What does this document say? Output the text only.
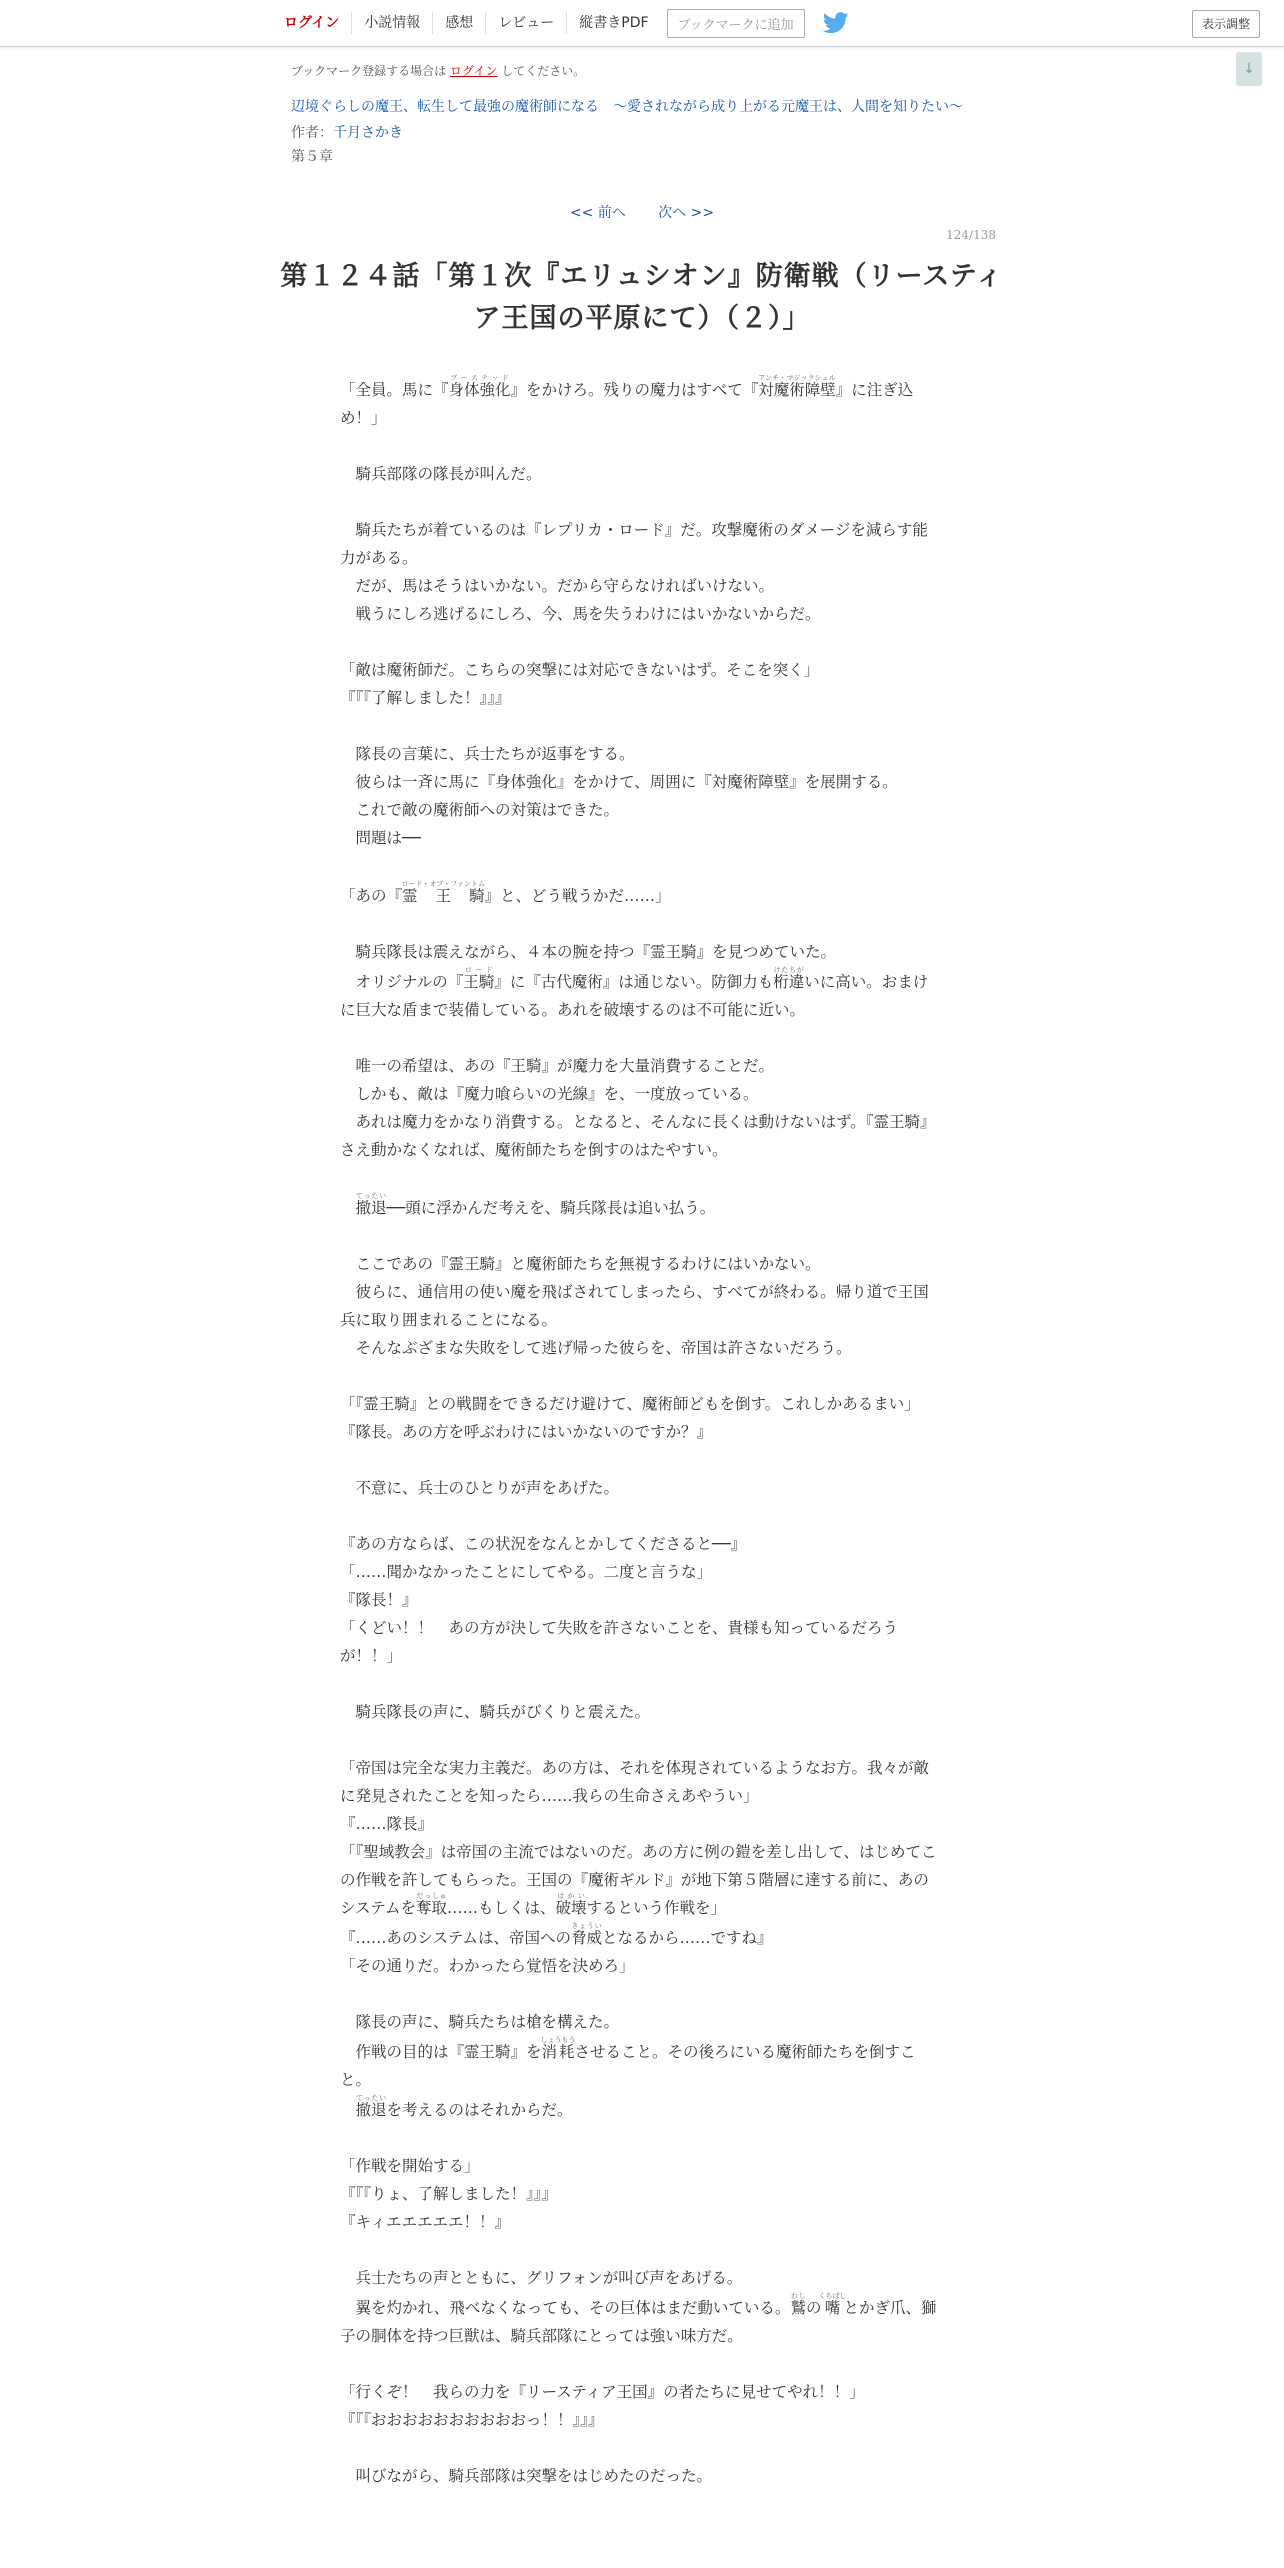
ログイン	小説情報	感想	レビュー	縦書きPDF	ブックマークに追加	表示調整
↓
ブックマーク登録する場合は ログイン してください。
辺境ぐらしの魔王、転生して最強の魔術師になる　〜愛されながら成り上がる元魔王は、人間を知りたい〜
作者：千月さかき
第５章
<< 前へ 次へ >>
124/138
第１２４話「第１次『エリュシオン』防衛戦（リースティア王国の平原にて）（２）」

「全員。馬に『身体強化ブーステッド』をかけろ。残りの魔力はすべて『対魔術障壁アンチ・マジックシェル』に注ぎ込め！」

　騎兵部隊の隊長が叫んだ。

　騎兵たちが着ているのは『レプリカ・ロード』だ。攻撃魔術のダメージを減らす能力がある。

　だが、馬はそうはいかない。だから守らなければいけない。

　戦うにしろ逃げるにしろ、今、馬を失うわけにはいかないからだ。

「敵は魔術師だ。こちらの突撃には対応できないはず。そこを突く」

『『『了解しました！』』』

　隊長の言葉に、兵士たちが返事をする。

　彼らは一斉に馬に『身体強化』をかけて、周囲に『対魔術障壁』を展開する。

　これで敵の魔術師への対策はできた。

　問題は──

「あの『霊　王　騎ロード・オブ・ファントム』と、どう戦うかだ……」

　騎兵隊長は震えながら、４本の腕を持つ『霊王騎』を見つめていた。

　オリジナルの『王騎ロード』に『古代魔術』は通じない。防御力も桁違けたちがいに高い。おまけに巨大な盾まで装備している。あれを破壊するのは不可能に近い。

　唯一の希望は、あの『王騎』が魔力を大量消費することだ。

　しかも、敵は『魔力喰らいの光線』を、一度放っている。

　あれは魔力をかなり消費する。となると、そんなに長くは動けないはず。『霊王騎』さえ動かなくなれば、魔術師たちを倒すのはたやすい。

　撤退てったい──頭に浮かんだ考えを、騎兵隊長は追い払う。

　ここであの『霊王騎』と魔術師たちを無視するわけにはいかない。

　彼らに、通信用の使い魔を飛ばされてしまったら、すべてが終わる。帰り道で王国兵に取り囲まれることになる。

　そんなぶざまな失敗をして逃げ帰った彼らを、帝国は許さないだろう。

「『霊王騎』との戦闘をできるだけ避けて、魔術師どもを倒す。これしかあるまい」

『隊長。あの方を呼ぶわけにはいかないのですか？』

　不意に、兵士のひとりが声をあげた。

『あの方ならば、この状況をなんとかしてくださると──』

「……聞かなかったことにしてやる。二度と言うな」

『隊長！』

「くどい！！　あの方が決して失敗を許さないことを、貴様も知っているだろうが！！」

　騎兵隊長の声に、騎兵がびくりと震えた。

「帝国は完全な実力主義だ。あの方は、それを体現されているようなお方。我々が敵に発見されたことを知ったら……我らの生命さえあやうい」

『……隊長』

「『聖域教会』は帝国の主流ではないのだ。あの方に例の鎧を差し出して、はじめてこの作戦を許してもらった。王国の『魔術ギルド』が地下第５階層に達する前に、あのシステムを奪取だっしゅ……もしくは、破壊はかいするという作戦を」

『……あのシステムは、帝国への脅威きょういとなるから……ですね』

「その通りだ。わかったら覚悟を決めろ」

　隊長の声に、騎兵たちは槍を構えた。

　作戦の目的は『霊王騎』を消耗しょうもうさせること。その後ろにいる魔術師たちを倒すこと。

　撤退てったいを考えるのはそれからだ。

「作戦を開始する」

『『『りょ、了解しました！』』』

『キィエエエエエ！！』

　兵士たちの声とともに、グリフォンが叫び声をあげる。

　翼を灼かれ、飛べなくなっても、その巨体はまだ動いている。鷲わしの嘴くちばしとかぎ爪、獅子の胴体を持つ巨獣は、騎兵部隊にとっては強い味方だ。

「行くぞ！　我らの力を『リースティア王国』の者たちに見せてやれ！！」

『『『おおおおおおおおおおっ！！』』』

　叫びながら、騎兵部隊は突撃をはじめたのだった。
